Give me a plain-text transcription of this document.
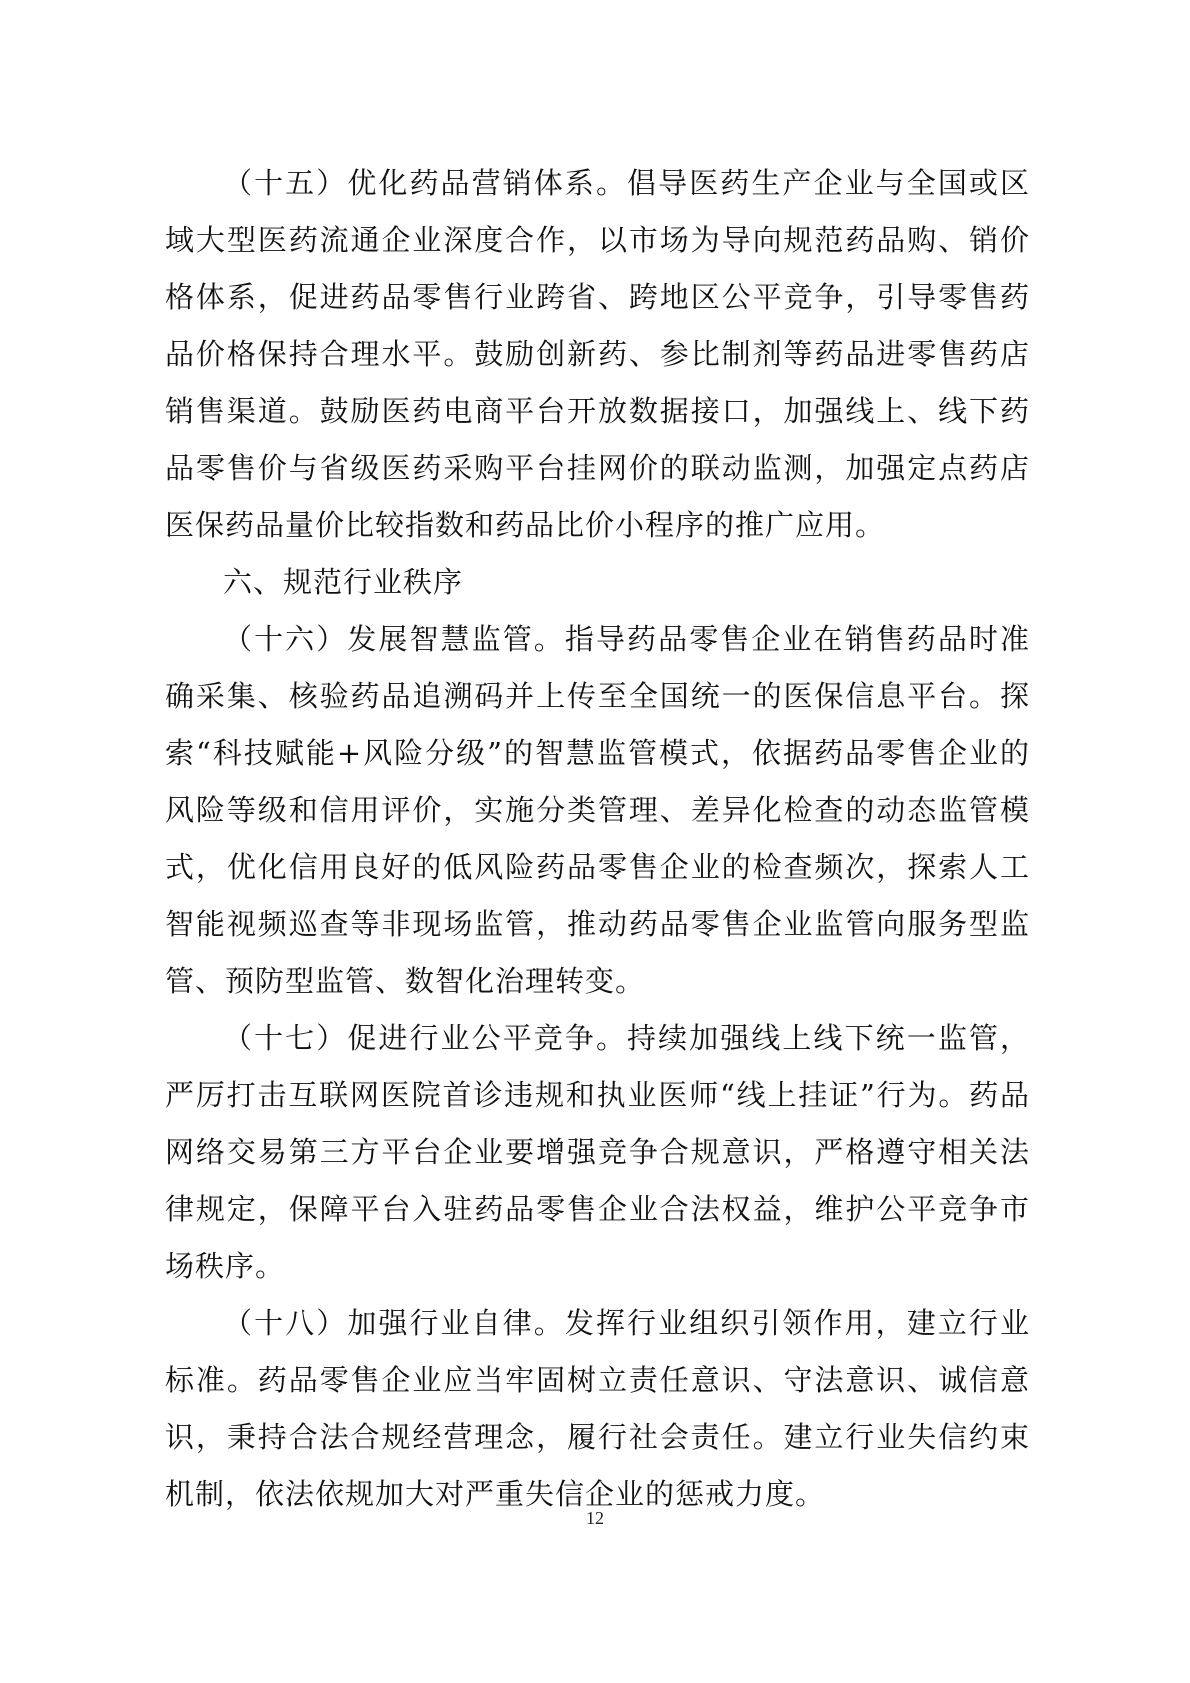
（十五）优化药品营销体系。倡导医药生产企业与全国或区域大型医药流通企业深度合作，以市场为导向规范药品购、销价格体系，促进药品零售行业跨省、跨地区公平竞争，引导零售药品价格保持合理水平。鼓励创新药、参比制剂等药品进零售药店销售渠道。鼓励医药电商平台开放数据接口，加强线上、线下药品零售价与省级医药采购平台挂网价的联动监测，加强定点药店医保药品量价比较指数和药品比价小程序的推广应用。

六、规范行业秩序

（十六）发展智慧监管。指导药品零售企业在销售药品时准确采集、核验药品追溯码并上传至全国统一的医保信息平台。探索“科技赋能+风险分级”的智慧监管模式，依据药品零售企业的风险等级和信用评价，实施分类管理、差异化检查的动态监管模式，优化信用良好的低风险药品零售企业的检查频次，探索人工智能视频巡查等非现场监管，推动药品零售企业监管向服务型监管、预防型监管、数智化治理转变。

（十七）促进行业公平竞争。持续加强线上线下统一监管，严厉打击互联网医院首诊违规和执业医师“线上挂证”行为。药品网络交易第三方平台企业要增强竞争合规意识，严格遵守相关法律规定，保障平台入驻药品零售企业合法权益，维护公平竞争市场秩序。

（十八）加强行业自律。发挥行业组织引领作用，建立行业标准。药品零售企业应当牢固树立责任意识、守法意识、诚信意识，秉持合法合规经营理念，履行社会责任。建立行业失信约束机制，依法依规加大对严重失信企业的惩戒力度。

12
